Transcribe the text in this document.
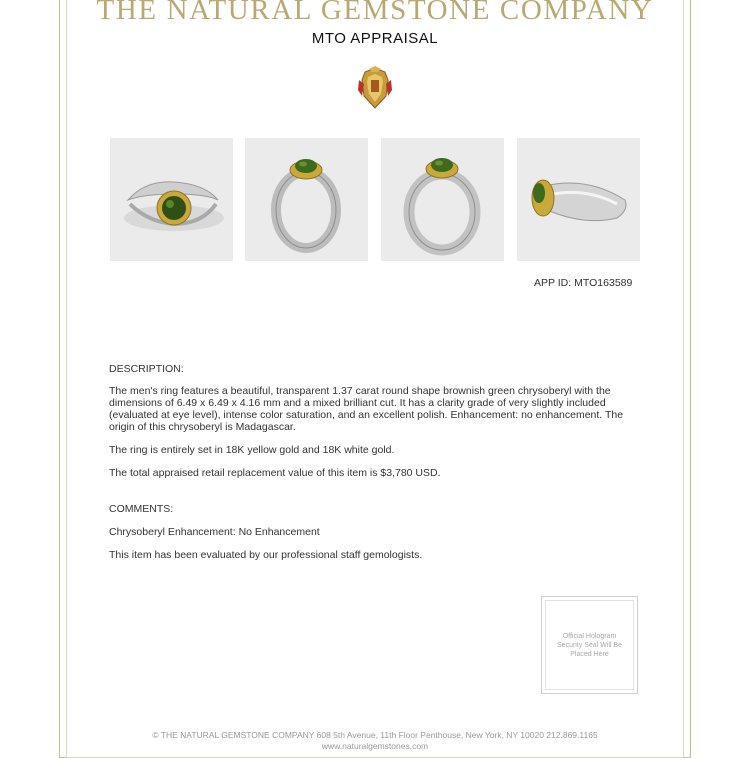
THE NATURAL GEMSTONE COMPANY
MTO APPRAISAL
APP ID: MTO163589
DESCRIPTION:
The men's ring features a beautiful, transparent 1.37 carat round shape brownish green chrysoberyl with the dimensions of 6.49 x 6.49 x 4.16 mm and a mixed brilliant cut. It has a clarity grade of very slightly included (evaluated at eye level), intense color saturation, and an excellent polish. Enhancement: no enhancement. The origin of this chrysoberyl is Madagascar.
The ring is entirely set in 18K yellow gold and 18K white gold.
The total appraised retail replacement value of this item is $3,780 USD.
COMMENTS:
Chrysoberyl Enhancement: No Enhancement
This item has been evaluated by our professional staff gemologists.
Official Hologram Security Seal Will Be Placed Here
© THE NATURAL GEMSTONE COMPANY 608 5th Avenue, 11th Floor Penthouse, New York, NY 10020 212.869.1165
www.naturalgemstones.com
